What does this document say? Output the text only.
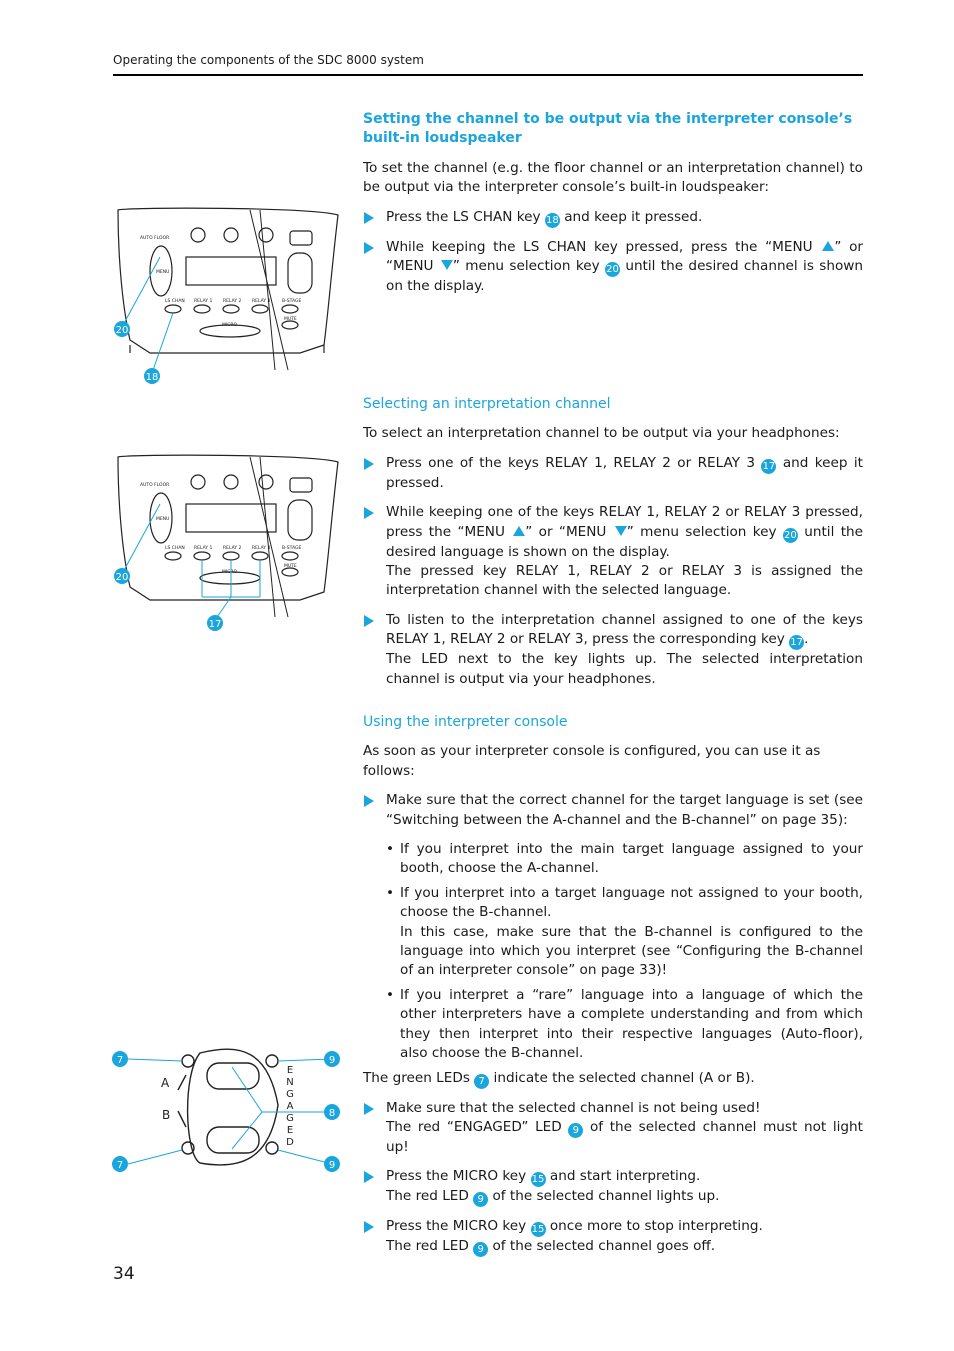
Operating the components of the SDC 8000 system

Setting the channel to be output via the interpreter console’s built-in loudspeaker

To set the channel (e.g. the floor channel or an interpretation channel) to be output via the interpreter console’s built-in loudspeaker:

Press the LS CHAN key 18 and keep it pressed.
While keeping the LS CHAN key pressed, press the “MENU ” or “MENU ” menu selection key 20 until the desired channel is shown on the display.

Selecting an interpretation channel

To select an interpretation channel to be output via your headphones:

Press one of the keys RELAY 1, RELAY 2 or RELAY 3 17 and keep it pressed.
While keeping one of the keys RELAY 1, RELAY 2 or RELAY 3 pressed, press the “MENU ” or “MENU ” menu selection key 20 until the desired language is shown on the display.

The pressed key RELAY 1, RELAY 2 or RELAY 3 is assigned the interpretation channel with the selected language.

To listen to the interpretation channel assigned to one of the keys RELAY 1, RELAY 2 or RELAY 3, press the corresponding key 17.

The LED next to the key lights up. The selected interpretation channel is output via your headphones.

Using the interpreter console

As soon as your interpreter console is configured, you can use it as follows:

Make sure that the correct channel for the target language is set (see “Switching between the A-channel and the B-channel” on page 35):
• If you interpret into the main target language assigned to your booth, choose the A-channel.
• If you interpret into a target language not assigned to your booth, choose the B-channel.

In this case, make sure that the B-channel is configured to the language into which you interpret (see “Configuring the B-channel of an interpreter console” on page 33)!

• If you interpret a “rare” language into a language of which the other interpreters have a complete understanding and from which they then interpret into their respective languages (Auto-floor), also choose the B-channel.

The green LEDs 7 indicate the selected channel (A or B).

Make sure that the selected channel is not being used!
The red “ENGAGED” LED 9 of the selected channel must not light up!
Press the MICRO key 15 and start interpreting.
The red LED 9 of the selected channel lights up.
Press the MICRO key 15 once more to stop interpreting.
The red LED 9 of the selected channel goes off.
AUTO FLOOR
MENU
LS CHAN RELAY 1 RELAY 2 RELAY 3	B-STAGE
MUTE
MICRO
20
18
AUTO FLOOR
MENU
LS CHAN RELAY 1 RELAY 2 RELAY 3	B-STAGE
MUTE
MICRO
20
17
A
B
E
N
G
A
G
E
D
7
7
9
8
9
34
